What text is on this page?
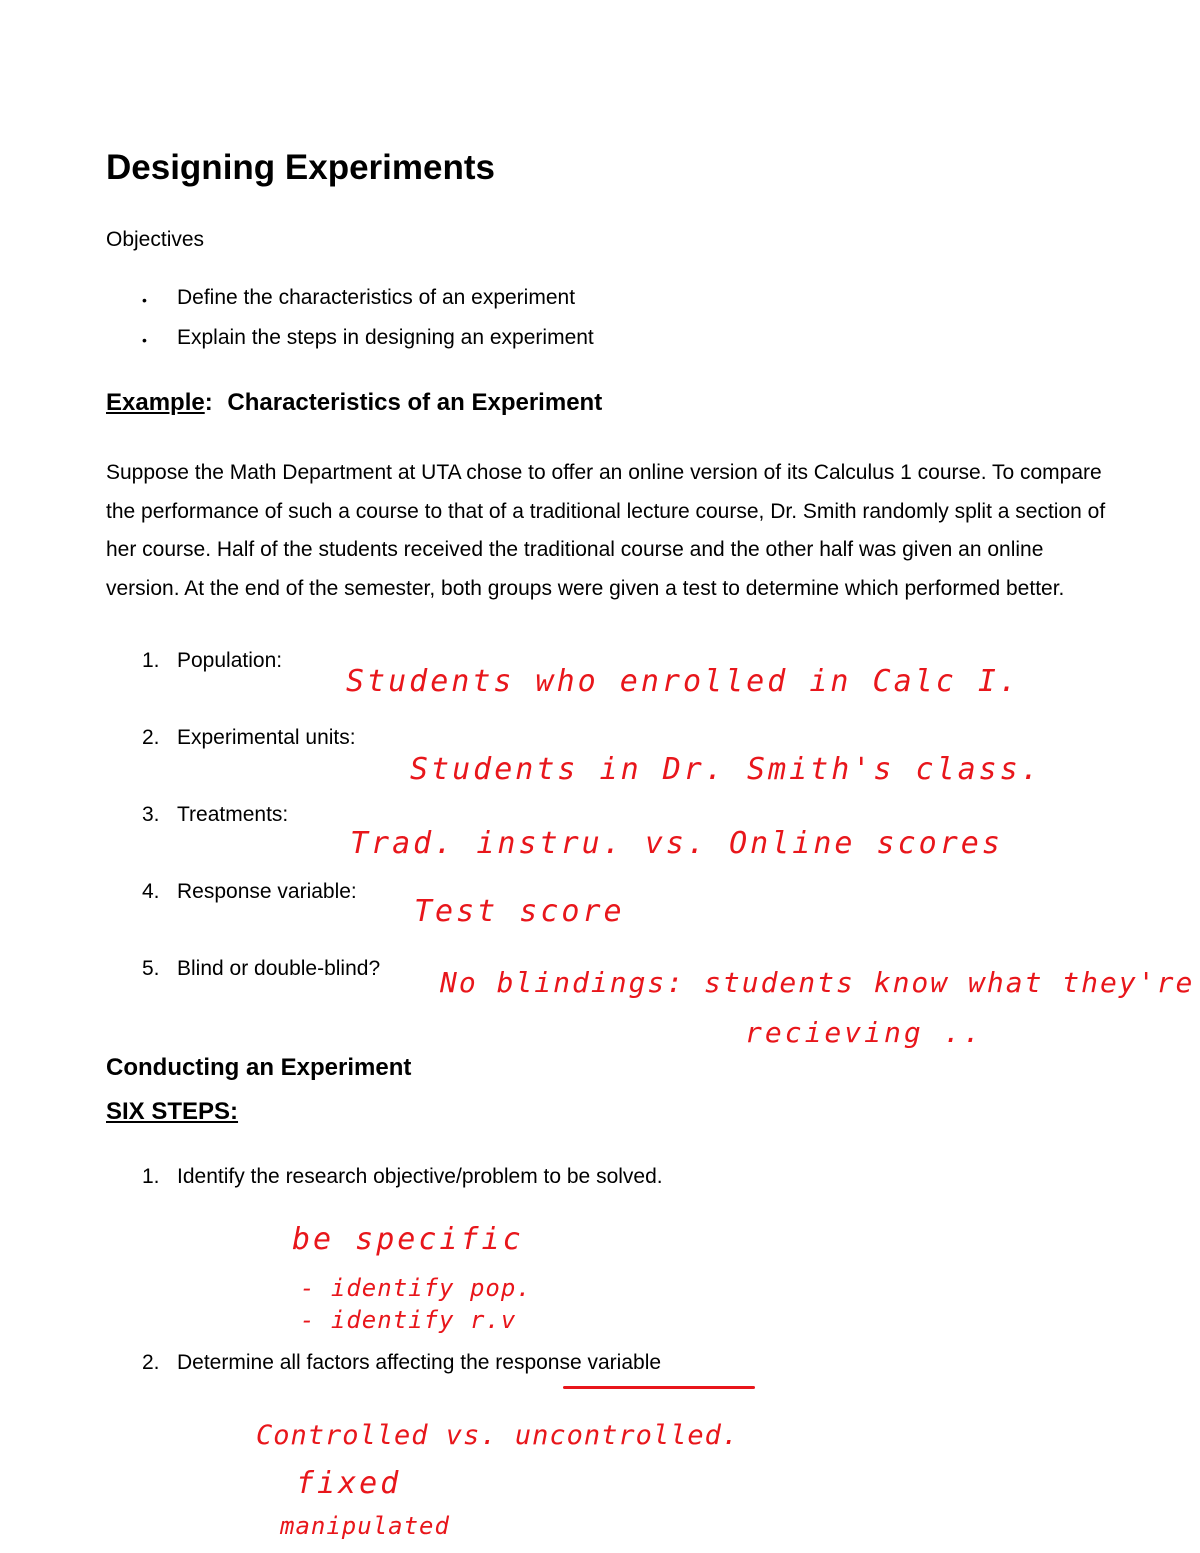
Designing Experiments
Objectives
• Define the characteristics of an experiment
• Explain the steps in designing an experiment
Example: Characteristics of an Experiment
Suppose the Math Department at UTA chose to offer an online version of its Calculus 1 course. To compare the performance of such a course to that of a traditional lecture course, Dr. Smith randomly split a section of her course. Half of the students received the traditional course and the other half was given an online version. At the end of the semester, both groups were given a test to determine which performed better.
1. Population:
Students who enrolled in Calc I.
2. Experimental units:
Students in Dr. Smith's class.
3. Treatments:
Trad. instru. vs. Online scores
4. Response variable:
Test score
5. Blind or double-blind? No blindings: students know what they're
recieving ..
Conducting an Experiment
SIX STEPS:
1. Identify the research objective/problem to be solved.
be specific
- identify pop.
- identify r.v
2. Determine all factors affecting the response variable
Controlled vs. uncontrolled.
fixed
manipulated
